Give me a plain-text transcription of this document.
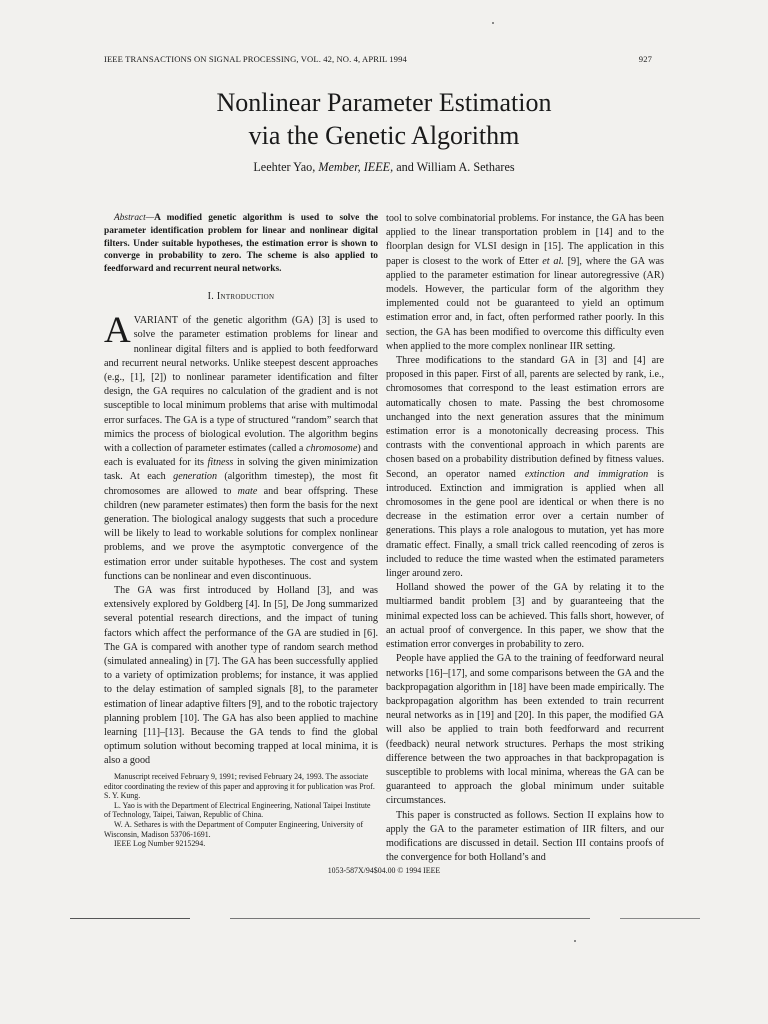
IEEE TRANSACTIONS ON SIGNAL PROCESSING, VOL. 42, NO. 4, APRIL 1994	927
Nonlinear Parameter Estimation
via the Genetic Algorithm
Leehter Yao, Member, IEEE, and William A. Sethares

Abstract—A modified genetic algorithm is used to solve the parameter identification problem for linear and nonlinear digital filters. Under suitable hypotheses, the estimation error is shown to converge in probability to zero. The scheme is also applied to feedforward and recurrent neural networks.

I. Introduction

AVARIANT of the genetic algorithm (GA) [3] is used to solve the parameter estimation problems for linear and nonlinear digital filters and is applied to both feedforward and recurrent neural networks. Unlike steepest descent approaches (e.g., [1], [2]) to nonlinear parameter identification and filter design, the GA requires no calculation of the gradient and is not susceptible to local minimum problems that arise with multimodal error surfaces. The GA is a type of structured “random” search that mimics the process of biological evolution. The algorithm begins with a collection of parameter estimates (called a chromosome) and each is evaluated for its fitness in solving the given minimization task. At each generation (algorithm timestep), the most fit chromosomes are allowed to mate and bear offspring. These children (new parameter estimates) then form the basis for the next generation. The biological analogy suggests that such a procedure will be likely to lead to workable solutions for complex nonlinear problems, and we prove the asymptotic convergence of the estimation error under suitable hypotheses. The cost and system functions can be nonlinear and even discontinuous.

The GA was first introduced by Holland [3], and was extensively explored by Goldberg [4]. In [5], De Jong summarized several potential research directions, and the impact of tuning factors which affect the performance of the GA are studied in [6]. The GA is compared with another type of random search method (simulated annealing) in [7]. The GA has been successfully applied to a variety of optimization problems; for instance, it was applied to the delay estimation of sampled signals [8], to the parameter estimation of linear adaptive filters [9], and to the robotic trajectory planning problem [10]. The GA has also been applied to machine learning [11]–[13]. Because the GA tends to find the global optimum solution without becoming trapped at local minima, it is also a good

Manuscript received February 9, 1991; revised February 24, 1993. The associate editor coordinating the review of this paper and approving it for publication was Prof. S. Y. Kung.

L. Yao is with the Department of Electrical Engineering, National Taipei Institute of Technology, Taipei, Taiwan, Republic of China.

W. A. Sethares is with the Department of Computer Engineering, University of Wisconsin, Madison 53706-1691.

IEEE Log Number 9215294.

tool to solve combinatorial problems. For instance, the GA has been applied to the linear transportation problem in [14] and to the floorplan design for VLSI design in [15]. The application in this paper is closest to the work of Etter et al. [9], where the GA was applied to the parameter estimation for linear autoregressive (AR) models. However, the particular form of the algorithm they implemented could not be guaranteed to yield an optimum estimation error and, in fact, often performed rather poorly. In this section, the GA has been modified to overcome this difficulty even when applied to the more complex nonlinear IIR setting.

Three modifications to the standard GA in [3] and [4] are proposed in this paper. First of all, parents are selected by rank, i.e., chromosomes that correspond to the least estimation errors are automatically chosen to mate. Passing the best chromosome unchanged into the next generation assures that the minimum estimation error is a monotonically decreasing process. This contrasts with the conventional approach in which parents are chosen based on a probability distribution defined by fitness values. Second, an operator named extinction and immigration is introduced. Extinction and immigration is applied when all chromosomes in the gene pool are identical or when there is no decrease in the estimation error over a certain number of generations. This plays a role analogous to mutation, yet has more dramatic effect. Finally, a small trick called reencoding of zeros is included to reduce the time wasted when the estimated parameters linger around zero.

Holland showed the power of the GA by relating it to the multiarmed bandit problem [3] and by guaranteeing that the minimal expected loss can be achieved. This falls short, however, of an actual proof of convergence. In this paper, we show that the estimation error converges in probability to zero.

People have applied the GA to the training of feedforward neural networks [16]–[17], and some comparisons between the GA and the backpropagation algorithm in [18] have been made empirically. The backpropagation algorithm has been extended to train recurrent neural networks as in [19] and [20]. In this paper, the modified GA will also be applied to train both feedforward and recurrent (feedback) neural network structures. Perhaps the most striking difference between the two approaches in that backpropagation is susceptible to problems with local minima, whereas the GA can be guaranteed to approach the global minimum under suitable circumstances.

This paper is constructed as follows. Section II explains how to apply the GA to the parameter estimation of IIR filters, and our modifications are discussed in detail. Section III contains proofs of the convergence for both Holland’s and

1053-587X/94$04.00 © 1994 IEEE
